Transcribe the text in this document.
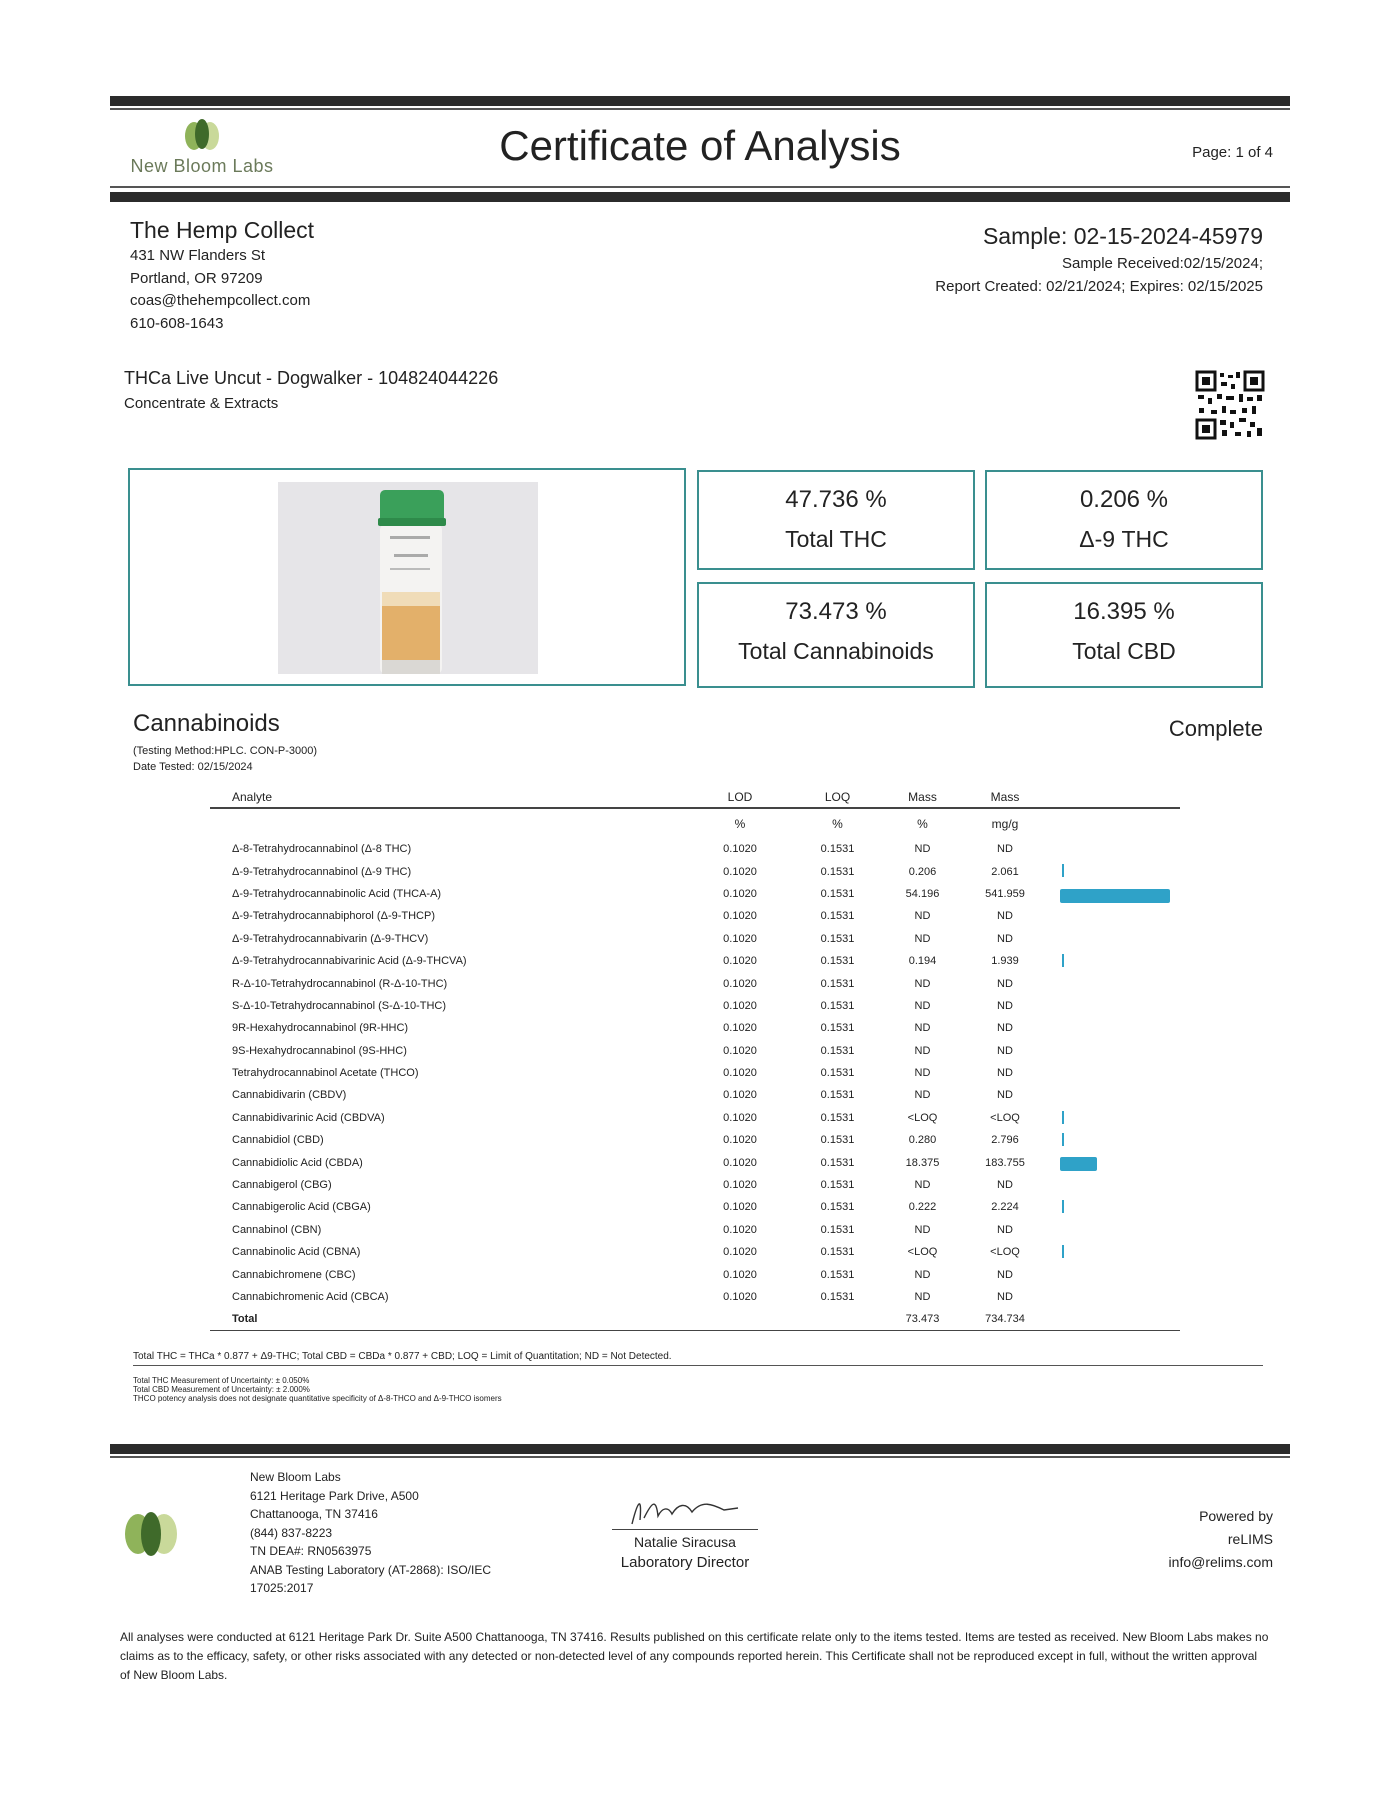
New Bloom Labs	Certificate of Analysis	Page: 1 of 4
The Hemp Collect
431 NW Flanders St
Portland, OR 97209
coas@thehempcollect.com
610-608-1643
Sample: 02-15-2024-45979
Sample Received:02/15/2024;
Report Created: 02/21/2024; Expires: 02/15/2025
THCa Live Uncut - Dogwalker - 104824044226
Concentrate & Extracts
47.736 %
Total THC
0.206 %
Δ-9 THC
73.473 %
Total Cannabinoids
16.395 %
Total CBD
Cannabinoids
(Testing Method:HPLC. CON-P-3000)
Date Tested: 02/15/2024
Complete
Analyte	LOD	LOQ	Mass	Mass	
	%	%	%	mg/g	
Δ-8-Tetrahydrocannabinol (Δ-8 THC)	0.1020	0.1531	ND	ND	
Δ-9-Tetrahydrocannabinol (Δ-9 THC)	0.1020	0.1531	0.206	2.061	

Δ-9-Tetrahydrocannabinolic Acid (THCA-A)	0.1020	0.1531	54.196	541.959	

Δ-9-Tetrahydrocannabiphorol (Δ-9-THCP)	0.1020	0.1531	ND	ND	
Δ-9-Tetrahydrocannabivarin (Δ-9-THCV)	0.1020	0.1531	ND	ND	
Δ-9-Tetrahydrocannabivarinic Acid (Δ-9-THCVA)	0.1020	0.1531	0.194	1.939	

R-Δ-10-Tetrahydrocannabinol (R-Δ-10-THC)	0.1020	0.1531	ND	ND	
S-Δ-10-Tetrahydrocannabinol (S-Δ-10-THC)	0.1020	0.1531	ND	ND	
9R-Hexahydrocannabinol (9R-HHC)	0.1020	0.1531	ND	ND	
9S-Hexahydrocannabinol (9S-HHC)	0.1020	0.1531	ND	ND	
Tetrahydrocannabinol Acetate (THCO)	0.1020	0.1531	ND	ND	
Cannabidivarin (CBDV)	0.1020	0.1531	ND	ND	
Cannabidivarinic Acid (CBDVA)	0.1020	0.1531	<LOQ	<LOQ	

Cannabidiol (CBD)	0.1020	0.1531	0.280	2.796	

Cannabidiolic Acid (CBDA)	0.1020	0.1531	18.375	183.755	

Cannabigerol (CBG)	0.1020	0.1531	ND	ND	
Cannabigerolic Acid (CBGA)	0.1020	0.1531	0.222	2.224	

Cannabinol (CBN)	0.1020	0.1531	ND	ND	
Cannabinolic Acid (CBNA)	0.1020	0.1531	<LOQ	<LOQ	

Cannabichromene (CBC)	0.1020	0.1531	ND	ND	
Cannabichromenic Acid (CBCA)	0.1020	0.1531	ND	ND	
Total			73.473	734.734	
Total THC = THCa * 0.877 + Δ9-THC; Total CBD = CBDa * 0.877 + CBD; LOQ = Limit of Quantitation; ND = Not Detected.
Total THC Measurement of Uncertainty: ± 0.050%
Total CBD Measurement of Uncertainty: ± 2.000%
THCO potency analysis does not designate quantitative specificity of Δ-8-THCO and Δ-9-THCO isomers
New Bloom Labs
6121 Heritage Park Drive, A500
Chattanooga, TN 37416
(844) 837-8223
TN DEA#: RN0563975
ANAB Testing Laboratory (AT-2868): ISO/IEC
17025:2017
Natalie Siracusa
Laboratory Director
Powered by
reLIMS
info@relims.com
All analyses were conducted at 6121 Heritage Park Dr. Suite A500 Chattanooga, TN 37416. Results published on this certificate relate only to the items tested. Items are tested as received. New Bloom Labs makes no claims as to the efficacy, safety, or other risks associated with any detected or non-detected level of any compounds reported herein. This Certificate shall not be reproduced except in full, without the written approval of New Bloom Labs.
